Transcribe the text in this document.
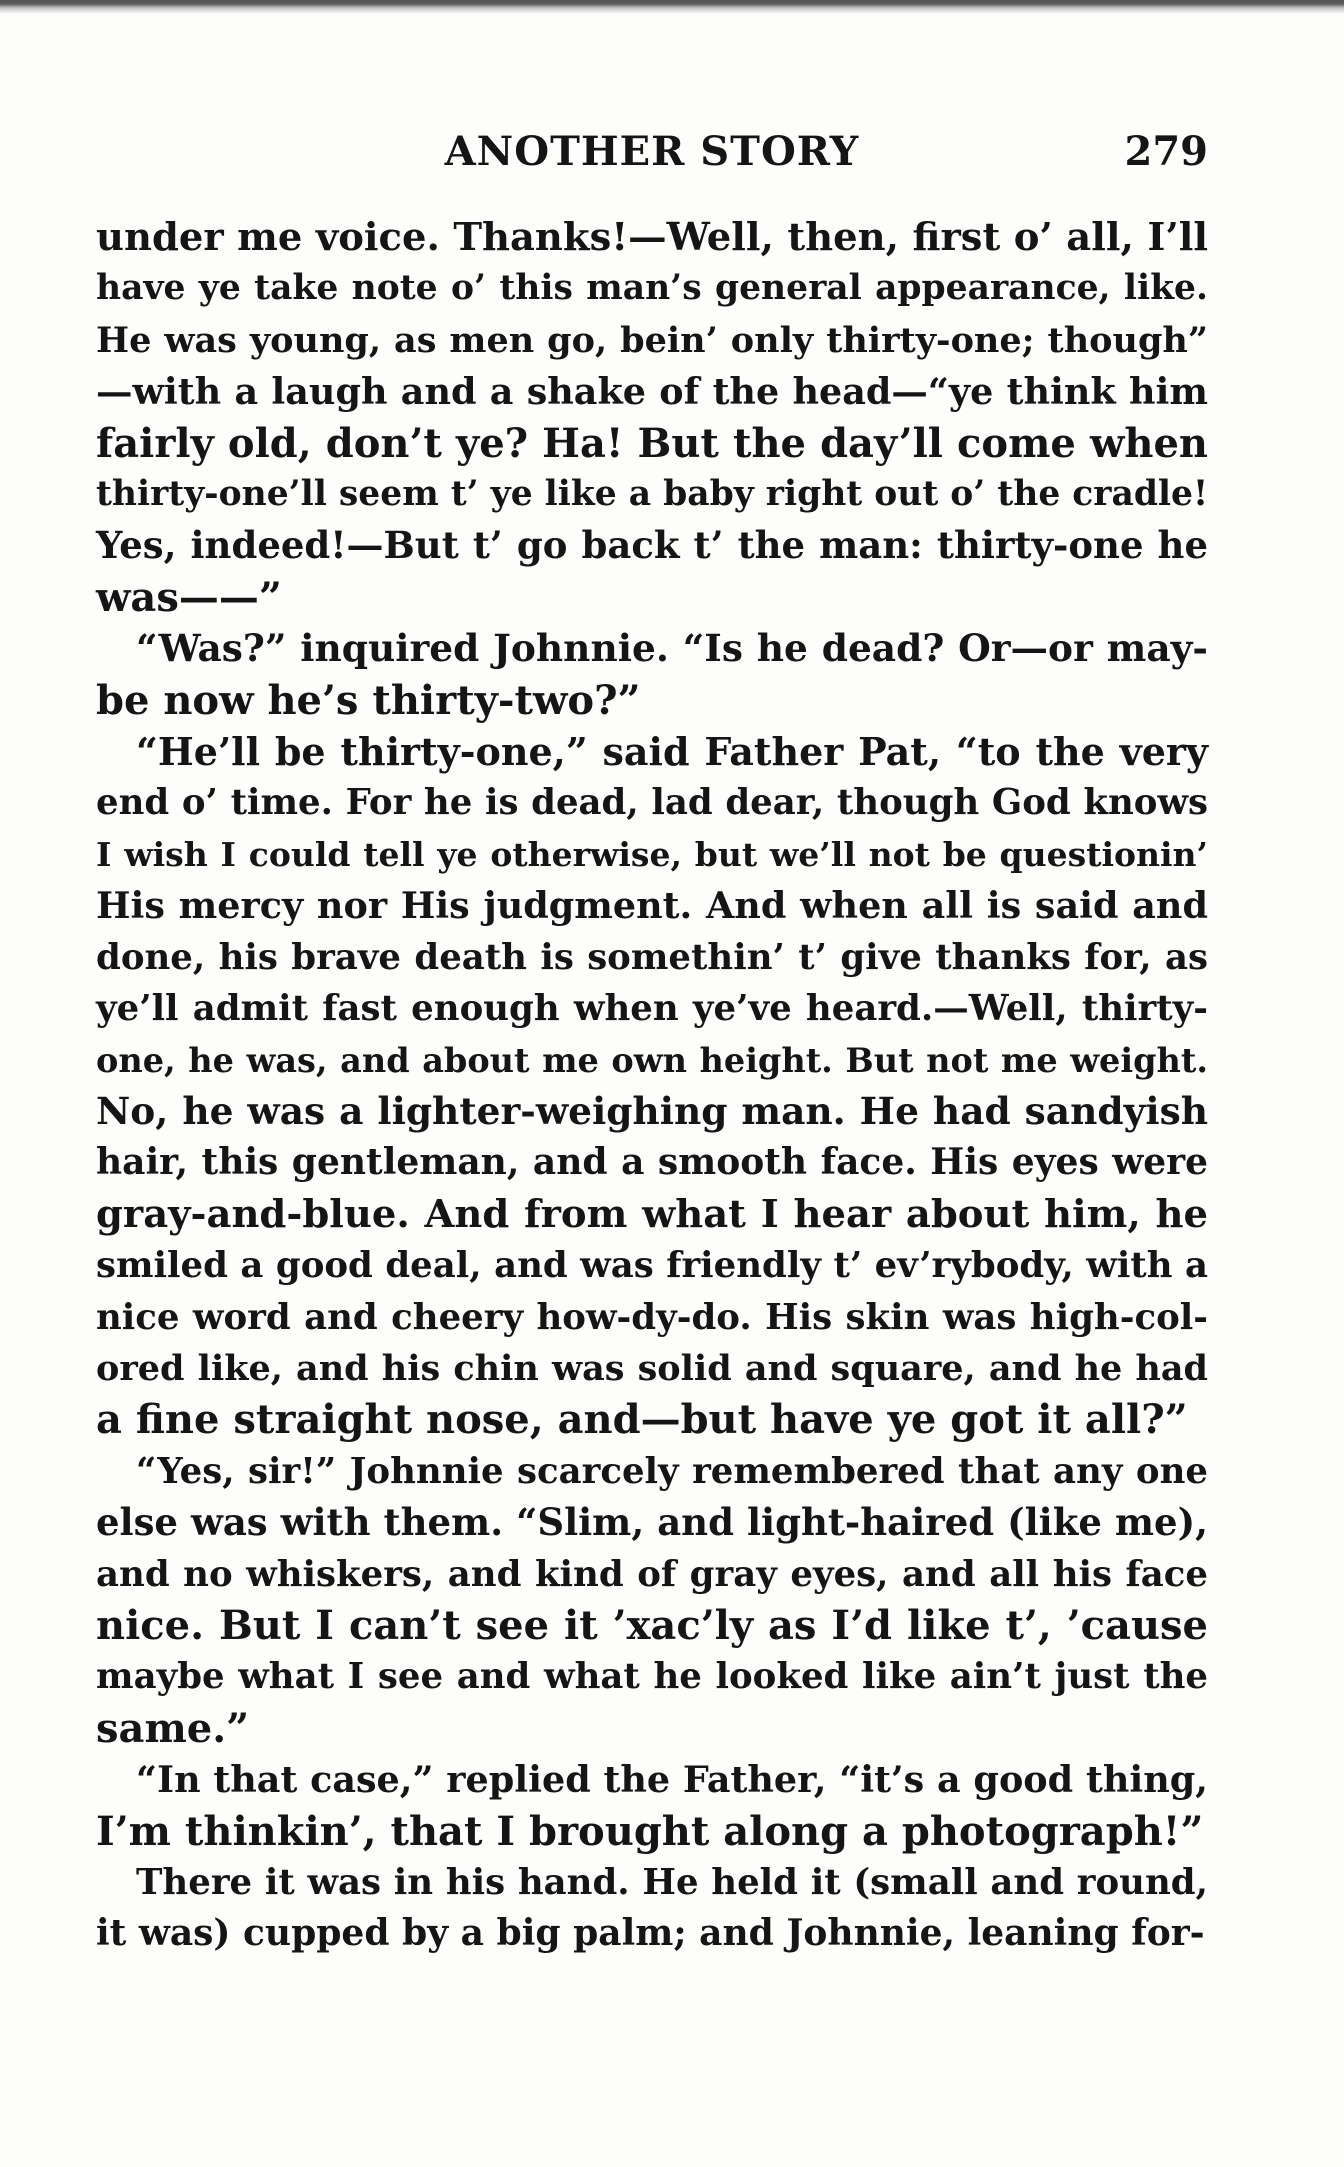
ANOTHER STORY	279
under me voice. Thanks!—Well, then, first o’ all, I’ll
have ye take note o’ this man’s general appearance, like.
He was young, as men go, bein’ only thirty-one; though”
—with a laugh and a shake of the head—“ye think him
fairly old, don’t ye? Ha! But the day’ll come when
thirty-one’ll seem t’ ye like a baby right out o’ the cradle!
Yes, indeed!—But t’ go back t’ the man: thirty-one he
was——”
“Was?” inquired Johnnie. “Is he dead? Or—or may-
be now he’s thirty-two?”
“He’ll be thirty-one,” said Father Pat, “to the very
end o’ time. For he is dead, lad dear, though God knows
I wish I could tell ye otherwise, but we’ll not be questionin’
His mercy nor His judgment. And when all is said and
done, his brave death is somethin’ t’ give thanks for, as
ye’ll admit fast enough when ye’ve heard.—Well, thirty-
one, he was, and about me own height. But not me weight.
No, he was a lighter-weighing man. He had sandyish
hair, this gentleman, and a smooth face. His eyes were
gray-and-blue. And from what I hear about him, he
smiled a good deal, and was friendly t’ ev’rybody, with a
nice word and cheery how-dy-do. His skin was high-col-
ored like, and his chin was solid and square, and he had
a fine straight nose, and—but have ye got it all?”
“Yes, sir!” Johnnie scarcely remembered that any one
else was with them. “Slim, and light-haired (like me),
and no whiskers, and kind of gray eyes, and all his face
nice. But I can’t see it ’xac’ly as I’d like t’, ’cause
maybe what I see and what he looked like ain’t just the
same.”
“In that case,” replied the Father, “it’s a good thing,
I’m thinkin’, that I brought along a photograph!”
There it was in his hand. He held it (small and round,
it was) cupped by a big palm; and Johnnie, leaning for-
